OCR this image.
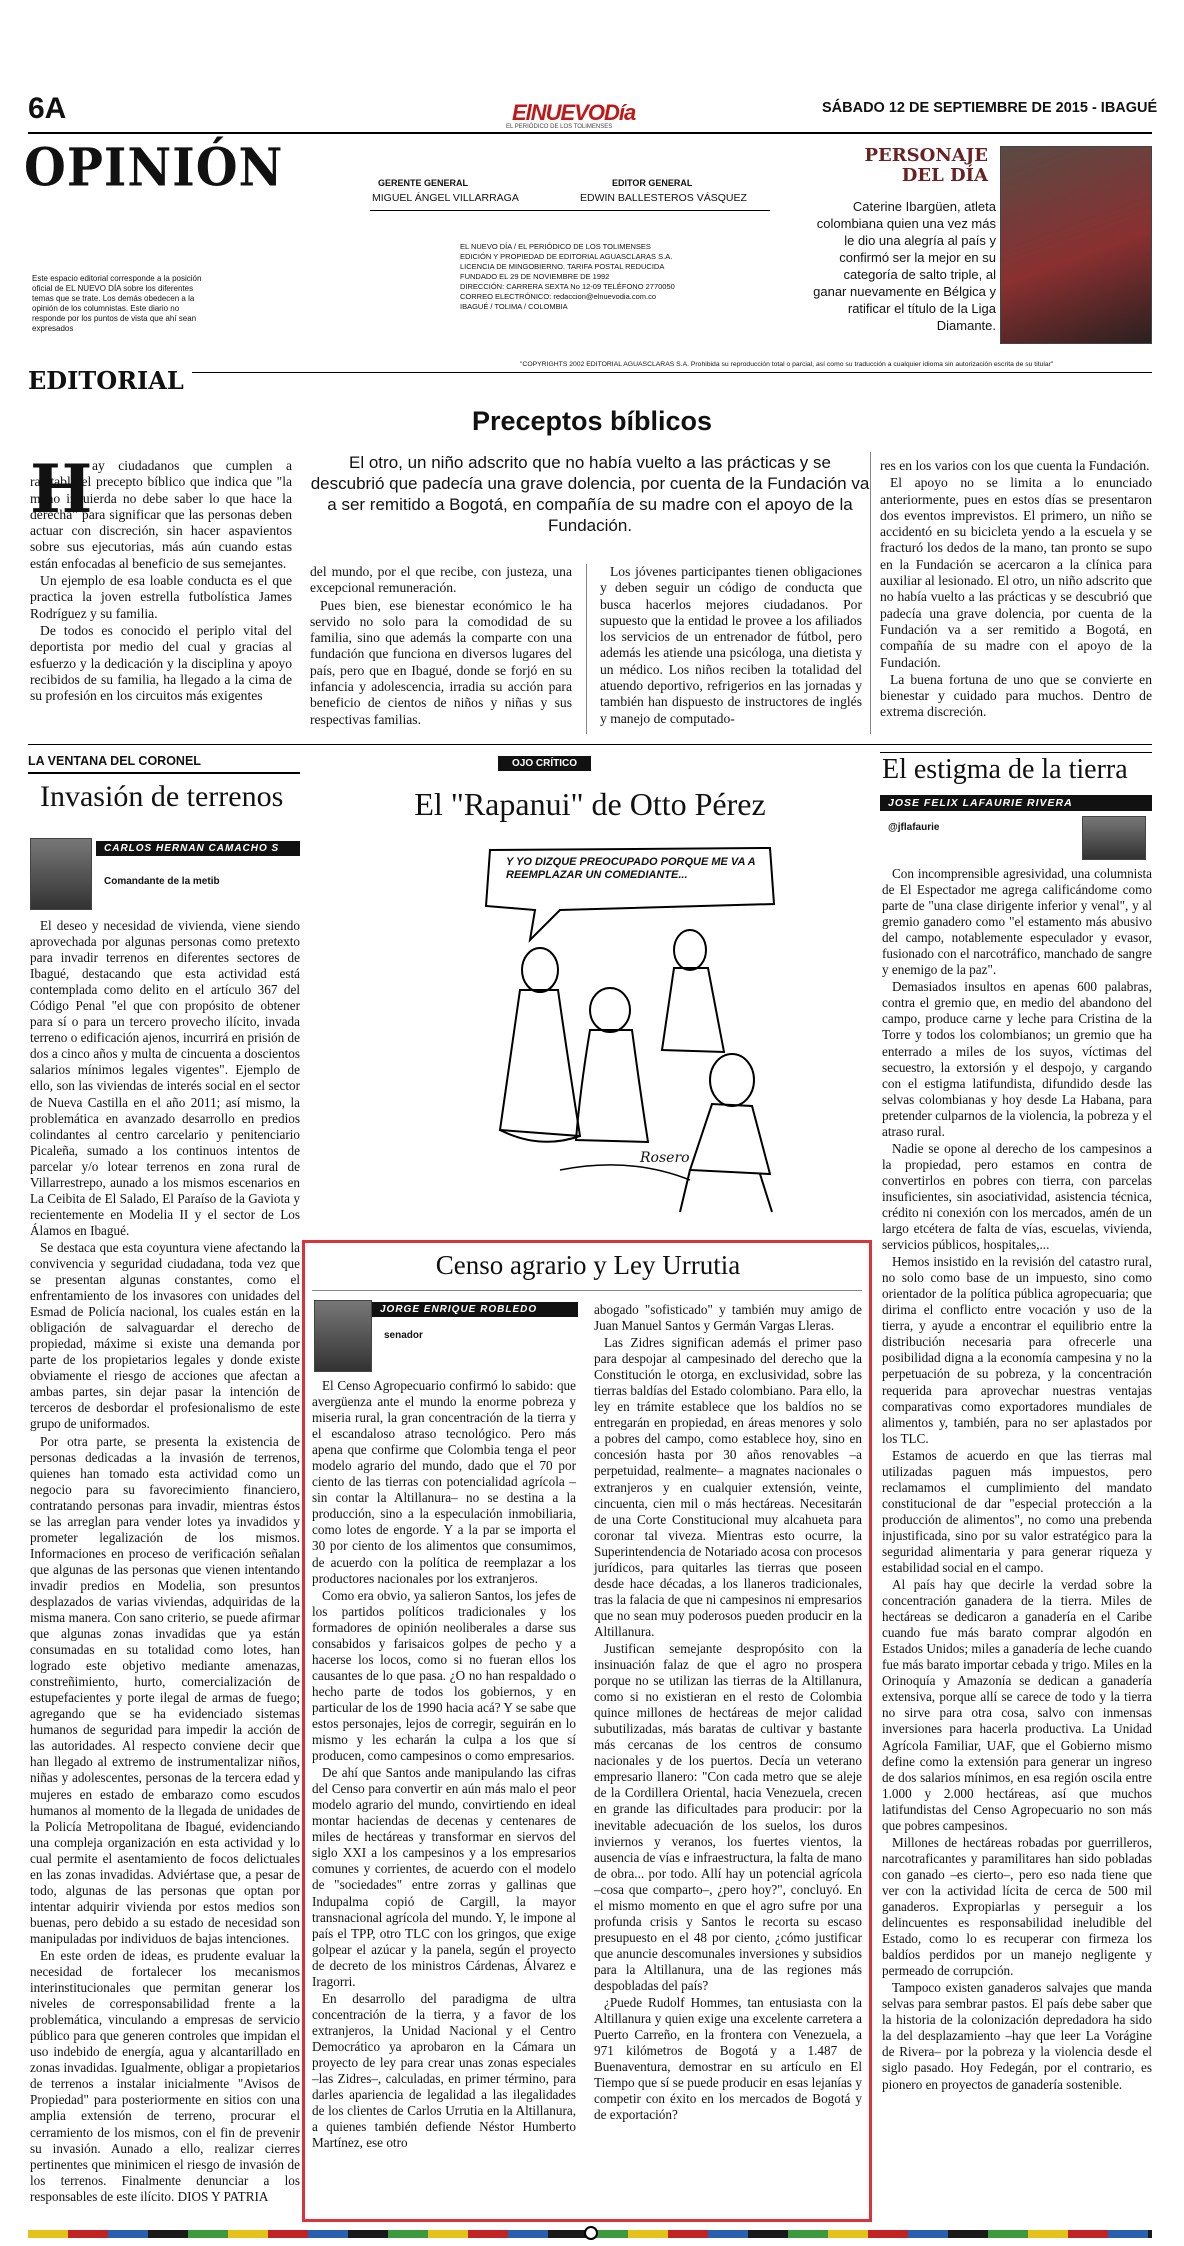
6A	ElNUEVODía
EL PERIÓDICO DE LOS TOLIMENSES
SÁBADO 12 DE SEPTIEMBRE DE 2015 - IBAGUÉ
OPINIÓN	GERENTE GENERAL
MIGUEL ÁNGEL VILLARRAGA
EDITOR GENERAL
EDWIN BALLESTEROS VÁSQUEZ
EL NUEVO DÍA / EL PERIÓDICO DE LOS TOLIMENSES
EDICIÓN Y PROPIEDAD DE EDITORIAL AGUASCLARAS S.A.
LICENCIA DE MINGOBIERNO. TARIFA POSTAL REDUCIDA
FUNDADO EL 29 DE NOVIEMBRE DE 1992
DIRECCIÓN: CARRERA SEXTA No 12-09 TELÉFONO 2770050
CORREO ELECTRÓNICO: redaccion@elnuevodia.com.co
IBAGUÉ / TOLIMA / COLOMBIA
Este espacio editorial corresponde a la posición oficial de EL NUEVO DÍA sobre los diferentes temas que se trate. Los demás obedecen a la opinión de los columnistas. Este diario no responde por los puntos de vista que ahí sean expresados
PERSONAJE
DEL DÍA
Caterine Ibargüen, atleta colombiana quien una vez más le dio una alegría al país y confirmó ser la mejor en su categoría de salto triple, al ganar nuevamente en Bélgica y ratificar el título de la Liga Diamante.
"COPYRIGHTS 2002 EDITORIAL AGUASCLARAS S.A. Prohibida su reproducción total o parcial, así como su traducción a cualquier idioma sin autorización escrita de su titular"
EDITORIAL
Preceptos bíblicos
El otro, un niño adscrito que no había vuelto a las prácticas y se descubrió que padecía una grave dolencia, por cuenta de la Fundación va a ser remitido a Bogotá, en compañía de su madre con el apoyo de la Fundación.
H ay ciudadanos que cumplen a rajatabla el precepto bíblico que indica que "la mano izquierda no debe saber lo que hace la derecha" para significar que las personas deben actuar con discreción, sin hacer aspavientos sobre sus ejecutorias, más aún cuando estas están enfocadas al beneficio de sus semejantes.

Un ejemplo de esa loable conducta es el que practica la joven estrella futbolística James Rodríguez y su familia.

De todos es conocido el periplo vital del deportista por medio del cual y gracias al esfuerzo y la dedicación y la disciplina y apoyo recibidos de su familia, ha llegado a la cima de su profesión en los circuitos más exigentes

del mundo, por el que recibe, con justeza, una excepcional remuneración.

Pues bien, ese bienestar económico le ha servido no solo para la comodidad de su familia, sino que además la comparte con una fundación que funciona en diversos lugares del país, pero que en Ibagué, donde se forjó en su infancia y adolescencia, irradia su acción para beneficio de cientos de niños y niñas y sus respectivas familias.

Los jóvenes participantes tienen obligaciones y deben seguir un código de conducta que busca hacerlos mejores ciudadanos. Por supuesto que la entidad le provee a los afiliados los servicios de un entrenador de fútbol, pero además les atiende una psicóloga, una dietista y un médico. Los niños reciben la totalidad del atuendo deportivo, refrigerios en las jornadas y también han dispuesto de instructores de inglés y manejo de computado-

res en los varios con los que cuenta la Fundación.

El apoyo no se limita a lo enunciado anteriormente, pues en estos días se presentaron dos eventos imprevistos. El primero, un niño se accidentó en su bicicleta yendo a la escuela y se fracturó los dedos de la mano, tan pronto se supo en la Fundación se acercaron a la clínica para auxiliar al lesionado. El otro, un niño adscrito que no había vuelto a las prácticas y se descubrió que padecía una grave dolencia, por cuenta de la Fundación va a ser remitido a Bogotá, en compañía de su madre con el apoyo de la Fundación.

La buena fortuna de uno que se convierte en bienestar y cuidado para muchos. Dentro de extrema discreción.

LA VENTANA DEL CORONEL
Invasión de terrenos
CARLOS HERNAN CAMACHO S
Comandante de la metib

El deseo y necesidad de vivienda, viene siendo aprovechada por algunas personas como pretexto para invadir terrenos en diferentes sectores de Ibagué, destacando que esta actividad está contemplada como delito en el artículo 367 del Código Penal "el que con propósito de obtener para sí o para un tercero provecho ilícito, invada terreno o edificación ajenos, incurrirá en prisión de dos a cinco años y multa de cincuenta a doscientos salarios mínimos legales vigentes". Ejemplo de ello, son las viviendas de interés social en el sector de Nueva Castilla en el año 2011; así mismo, la problemática en avanzado desarrollo en predios colindantes al centro carcelario y penitenciario Picaleña, sumado a los continuos intentos de parcelar y/o lotear terrenos en zona rural de Villarrestrepo, aunado a los mismos escenarios en La Ceibita de El Salado, El Paraíso de la Gaviota y recientemente en Modelia II y el sector de Los Álamos en Ibagué.

Se destaca que esta coyuntura viene afectando la convivencia y seguridad ciudadana, toda vez que se presentan algunas constantes, como el enfrentamiento de los invasores con unidades del Esmad de Policía nacional, los cuales están en la obligación de salvaguardar el derecho de propiedad, máxime si existe una demanda por parte de los propietarios legales y donde existe obviamente el riesgo de acciones que afectan a ambas partes, sin dejar pasar la intención de terceros de desbordar el profesionalismo de este grupo de uniformados.

Por otra parte, se presenta la existencia de personas dedicadas a la invasión de terrenos, quienes han tomado esta actividad como un negocio para su favorecimiento financiero, contratando personas para invadir, mientras éstos se las arreglan para vender lotes ya invadidos y prometer legalización de los mismos. Informaciones en proceso de verificación señalan que algunas de las personas que vienen intentando invadir predios en Modelia, son presuntos desplazados de varias viviendas, adquiridas de la misma manera. Con sano criterio, se puede afirmar que algunas zonas invadidas que ya están consumadas en su totalidad como lotes, han logrado este objetivo mediante amenazas, constreñimiento, hurto, comercialización de estupefacientes y porte ilegal de armas de fuego; agregando que se ha evidenciado sistemas humanos de seguridad para impedir la acción de las autoridades. Al respecto conviene decir que han llegado al extremo de instrumentalizar niños, niñas y adolescentes, personas de la tercera edad y mujeres en estado de embarazo como escudos humanos al momento de la llegada de unidades de la Policía Metropolitana de Ibagué, evidenciando una compleja organización en esta actividad y lo cual permite el asentamiento de focos delictuales en las zonas invadidas. Adviértase que, a pesar de todo, algunas de las personas que optan por intentar adquirir vivienda por estos medios son buenas, pero debido a su estado de necesidad son manipuladas por individuos de bajas intenciones.

En este orden de ideas, es prudente evaluar la necesidad de fortalecer los mecanismos interinstitucionales que permitan generar los niveles de corresponsabilidad frente a la problemática, vinculando a empresas de servicio público para que generen controles que impidan el uso indebido de energía, agua y alcantarillado en zonas invadidas. Igualmente, obligar a propietarios de terrenos a instalar inicialmente "Avisos de Propiedad" para posteriormente en sitios con una amplia extensión de terreno, procurar el cerramiento de los mismos, con el fin de prevenir su invasión. Aunado a ello, realizar cierres pertinentes que minimicen el riesgo de invasión de los terrenos. Finalmente denunciar a los responsables de este ilícito. DIOS Y PATRIA

OJO CRÍTICO
El "Rapanui" de Otto Pérez
Y YO DIZQUE PREOCUPADO PORQUE ME VA A REEMPLAZAR UN COMEDIANTE...
Rosero
Censo agrario y Ley Urrutia
JORGE ENRIQUE ROBLEDO
senador

El Censo Agropecuario confirmó lo sabido: que avergüenza ante el mundo la enorme pobreza y miseria rural, la gran concentración de la tierra y el escandaloso atraso tecnológico. Pero más apena que confirme que Colombia tenga el peor modelo agrario del mundo, dado que el 70 por ciento de las tierras con potencialidad agrícola –sin contar la Altillanura– no se destina a la producción, sino a la especulación inmobiliaria, como lotes de engorde. Y a la par se importa el 30 por ciento de los alimentos que consumimos, de acuerdo con la política de reemplazar a los productores nacionales por los extranjeros.

Como era obvio, ya salieron Santos, los jefes de los partidos políticos tradicionales y los formadores de opinión neoliberales a darse sus consabidos y farisaicos golpes de pecho y a hacerse los locos, como si no fueran ellos los causantes de lo que pasa. ¿O no han respaldado o hecho parte de todos los gobiernos, y en particular de los de 1990 hacia acá? Y se sabe que estos personajes, lejos de corregir, seguirán en lo mismo y les echarán la culpa a los que sí producen, como campesinos o como empresarios.

De ahí que Santos ande manipulando las cifras del Censo para convertir en aún más malo el peor modelo agrario del mundo, convirtiendo en ideal montar haciendas de decenas y centenares de miles de hectáreas y transformar en siervos del siglo XXI a los campesinos y a los empresarios comunes y corrientes, de acuerdo con el modelo de "sociedades" entre zorras y gallinas que Indupalma copió de Cargill, la mayor transnacional agrícola del mundo. Y, le impone al país el TPP, otro TLC con los gringos, que exige golpear el azúcar y la panela, según el proyecto de decreto de los ministros Cárdenas, Álvarez e Iragorri.

En desarrollo del paradigma de ultra concentración de la tierra, y a favor de los extranjeros, la Unidad Nacional y el Centro Democrático ya aprobaron en la Cámara un proyecto de ley para crear unas zonas especiales –las Zidres–, calculadas, en primer término, para darles apariencia de legalidad a las ilegalidades de los clientes de Carlos Urrutia en la Altillanura, a quienes también defiende Néstor Humberto Martínez, ese otro

abogado "sofisticado" y también muy amigo de Juan Manuel Santos y Germán Vargas Lleras.

Las Zidres significan además el primer paso para despojar al campesinado del derecho que la Constitución le otorga, en exclusividad, sobre las tierras baldías del Estado colombiano. Para ello, la ley en trámite establece que los baldíos no se entregarán en propiedad, en áreas menores y solo a pobres del campo, como establece hoy, sino en concesión hasta por 30 años renovables –a perpetuidad, realmente– a magnates nacionales o extranjeros y en cualquier extensión, veinte, cincuenta, cien mil o más hectáreas. Necesitarán de una Corte Constitucional muy alcahueta para coronar tal viveza. Mientras esto ocurre, la Superintendencia de Notariado acosa con procesos jurídicos, para quitarles las tierras que poseen desde hace décadas, a los llaneros tradicionales, tras la falacia de que ni campesinos ni empresarios que no sean muy poderosos pueden producir en la Altillanura.

Justifican semejante despropósito con la insinuación falaz de que el agro no prospera porque no se utilizan las tierras de la Altillanura, como si no existieran en el resto de Colombia quince millones de hectáreas de mejor calidad subutilizadas, más baratas de cultivar y bastante más cercanas de los centros de consumo nacionales y de los puertos. Decía un veterano empresario llanero: "Con cada metro que se aleje de la Cordillera Oriental, hacia Venezuela, crecen en grande las dificultades para producir: por la inevitable adecuación de los suelos, los duros inviernos y veranos, los fuertes vientos, la ausencia de vías e infraestructura, la falta de mano de obra... por todo. Allí hay un potencial agrícola –cosa que comparto–, ¿pero hoy?", concluyó. En el mismo momento en que el agro sufre por una profunda crisis y Santos le recorta su escaso presupuesto en el 48 por ciento, ¿cómo justificar que anuncie descomunales inversiones y subsidios para la Altillanura, una de las regiones más despobladas del país?

¿Puede Rudolf Hommes, tan entusiasta con la Altillanura y quien exige una excelente carretera a Puerto Carreño, en la frontera con Venezuela, a 971 kilómetros de Bogotá y a 1.487 de Buenaventura, demostrar en su artículo en El Tiempo que sí se puede producir en esas lejanías y competir con éxito en los mercados de Bogotá y de exportación?

El estigma de la tierra
JOSE FELIX LAFAURIE RIVERA
@jflafaurie

Con incomprensible agresividad, una columnista de El Espectador me agrega calificándome como parte de "una clase dirigente inferior y venal", y al gremio ganadero como "el estamento más abusivo del campo, notablemente especulador y evasor, fusionado con el narcotráfico, manchado de sangre y enemigo de la paz".

Demasiados insultos en apenas 600 palabras, contra el gremio que, en medio del abandono del campo, produce carne y leche para Cristina de la Torre y todos los colombianos; un gremio que ha enterrado a miles de los suyos, víctimas del secuestro, la extorsión y el despojo, y cargando con el estigma latifundista, difundido desde las selvas colombianas y hoy desde La Habana, para pretender culparnos de la violencia, la pobreza y el atraso rural.

Nadie se opone al derecho de los campesinos a la propiedad, pero estamos en contra de convertirlos en pobres con tierra, con parcelas insuficientes, sin asociatividad, asistencia técnica, crédito ni conexión con los mercados, amén de un largo etcétera de falta de vías, escuelas, vivienda, servicios públicos, hospitales,...

Hemos insistido en la revisión del catastro rural, no solo como base de un impuesto, sino como orientador de la política pública agropecuaria; que dirima el conflicto entre vocación y uso de la tierra, y ayude a encontrar el equilibrio entre la distribución necesaria para ofrecerle una posibilidad digna a la economía campesina y no la perpetuación de su pobreza, y la concentración requerida para aprovechar nuestras ventajas comparativas como exportadores mundiales de alimentos y, también, para no ser aplastados por los TLC.

Estamos de acuerdo en que las tierras mal utilizadas paguen más impuestos, pero reclamamos el cumplimiento del mandato constitucional de dar "especial protección a la producción de alimentos", no como una prebenda injustificada, sino por su valor estratégico para la seguridad alimentaria y para generar riqueza y estabilidad social en el campo.

Al país hay que decirle la verdad sobre la concentración ganadera de la tierra. Miles de hectáreas se dedicaron a ganadería en el Caribe cuando fue más barato comprar algodón en Estados Unidos; miles a ganadería de leche cuando fue más barato importar cebada y trigo. Miles en la Orinoquía y Amazonía se dedican a ganadería extensiva, porque allí se carece de todo y la tierra no sirve para otra cosa, salvo con inmensas inversiones para hacerla productiva. La Unidad Agrícola Familiar, UAF, que el Gobierno mismo define como la extensión para generar un ingreso de dos salarios mínimos, en esa región oscila entre 1.000 y 2.000 hectáreas, así que muchos latifundistas del Censo Agropecuario no son más que pobres campesinos.

Millones de hectáreas robadas por guerrilleros, narcotraficantes y paramilitares han sido pobladas con ganado –es cierto–, pero eso nada tiene que ver con la actividad lícita de cerca de 500 mil ganaderos. Expropiarlas y perseguir a los delincuentes es responsabilidad ineludible del Estado, como lo es recuperar con firmeza los baldíos perdidos por un manejo negligente y permeado de corrupción.

Tampoco existen ganaderos salvajes que manda selvas para sembrar pastos. El país debe saber que la historia de la colonización depredadora ha sido la del desplazamiento –hay que leer La Vorágine de Rivera– por la pobreza y la violencia desde el siglo pasado. Hoy Fedegán, por el contrario, es pionero en proyectos de ganadería sostenible.
